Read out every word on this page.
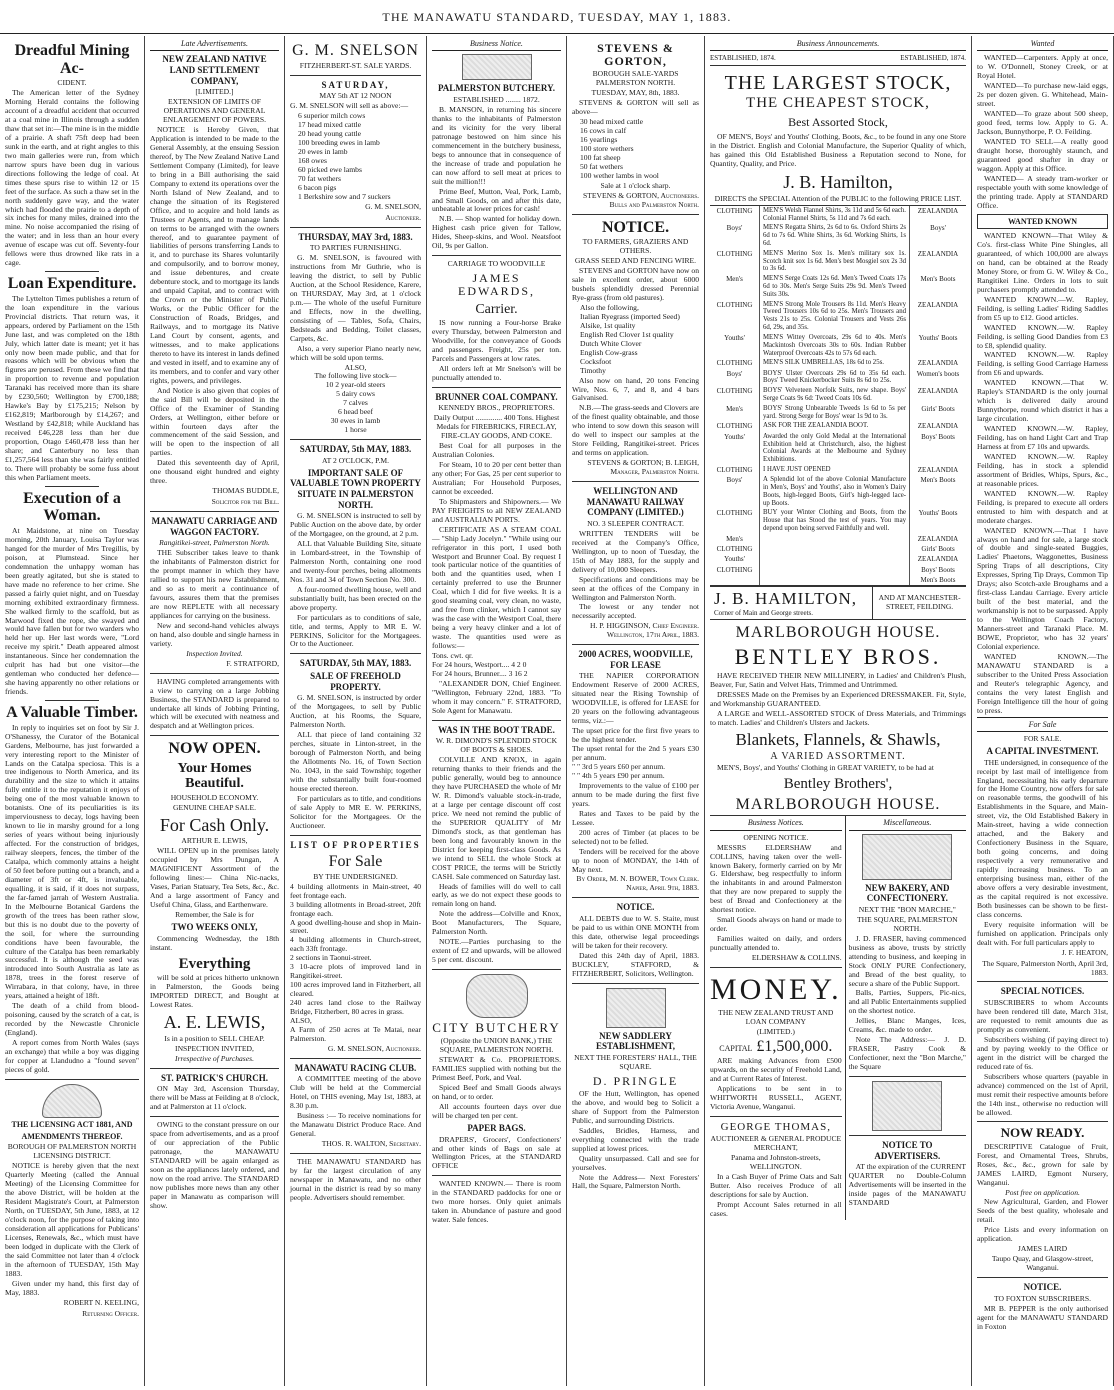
THE MANAWATU STANDARD, TUESDAY, MAY 1, 1883.
Dreadful Mining Ac-
CIDENT.

The American letter of the Sydney Morning Herald contains the following account of a dreadful accident that occurred at a coal mine in Illinois through a sudden thaw that set in:—The mine is in the middle of a prairie. A shaft 75ft deep had been sunk in the earth, and at right angles to this two main galleries were run, from which narrow spurs have been dug in various directions following the ledge of coal. At times these spurs rise to within 12 or 15 feet of the surface. As such a thaw set in the north suddenly gave way, and the water which had flooded the prairie to a depth of six inches for many miles, drained into the mine. No noise accompanied the rising of the water; and in less than an hour every avenue of escape was cut off. Seventy-four fellows were thus drowned like rats in a cage.

Loan Expenditure.

The Lyttelton Times publishes a return of the loan expenditure in the various Provincial districts. That return was, it appears, ordered by Parliament on the 15th June last, and was completed on the 18th July, which latter date is meant; yet it has only now been made public, and that for reasons which will be obvious when the figures are perused. From these we find that in proportion to revenue and population Taranaki has received more than its share by £230,560; Wellington by £700,188; Hawke's Bay by £175,215; Nelson by £162,819; Marlborough by £14,267; and Westland by £42,818; while Auckland has received £46,228 less than her due proportion, Otago £460,478 less than her share; and Canterbury no less than £1,257,564 less than she was fairly entitled to. There will probably be some fuss about this when Parliament meets.

Execution of a Woman.

At Maidstone, at nine on Tuesday morning, 20th January, Louisa Taylor was hanged for the murder of Mrs Tregillis, by poison, at Plumstead. Since her condemnation the unhappy woman has been greatly agitated, but she is stated to have made no reference to her crime. She passed a fairly quiet night, and on Tuesday morning exhibited extraordinary firmness. She walked firmly to the scaffold, but as Marwood fixed the rope, she swayed and would have fallen but for two warders who held her up. Her last words were, "Lord receive my spirit." Death appeared almost instantaneous. Since her condemnation the culprit has had but one visitor—the gentleman who conducted her defence—she having apparently no other relations or friends.

A Valuable Timber.

In reply to inquiries set on foot by Sir J. O'Shanessy, the Curator of the Botanical Gardens, Melbourne, has just forwarded a very interesting report to the Minister of Lands on the Catalpa speciosa. This is a tree indigenous to North America, and its durability and the size to which it attains fully entitle it to the reputation it enjoys of being one of the most valuable known to botanists. One of its peculiarities is its imperviousness to decay, logs having been known to lie in marshy ground for a long series of years without being injuriously affected. For the construction of bridges, railway sleepers, fences, the timber of the Catalpa, which commonly attains a height of 50 feet before putting out a branch, and a diameter of 3ft or 4ft, is invaluable, equalling, it is said, if it does not surpass, the far-famed jarrah of Western Australia. In the Melbourne Botanical Gardens the growth of the trees has been rather slow, but this is no doubt due to the poverty of the soil, for where the surrounding conditions have been favourable, the culture of the Catalpa has been remarkably successful. It is although the seed was introduced into South Australia as late as 1878, trees in the forest reserve of Wirrabara, in that colony, have, in three years, attained a height of 18ft.

The death of a child from blood-poisoning, caused by the scratch of a cat, is recorded by the Newcastle Chronicle (England).

A report comes from North Wales (says an exchange) that while a boy was digging for copper at Llandudno a "found seven" pieces of gold.

THE LICENSING ACT 1881, AND
AMENDMENTS THEREOF.
BOROUGH OF PALMERSTON NORTH LICENSING DISTRICT.

NOTICE is hereby given that the next Quarterly Meeting (called the Annual Meeting) of the Licensing Committee for the above District, will be holden at the Resident Magistrate's Court, at Palmerston North, on TUESDAY, 5th June, 1883, at 12 o'clock noon, for the purpose of taking into consideration all applications for Publicans' Licenses, Renewals, &c., which must have been lodged in duplicate with the Clerk of the said Committee not later than 4 o'clock in the afternoon of TUESDAY, 15th May 1883.

Given under my hand, this first day of May, 1883.

ROBERT N. KEELING,
Returning Officer.
Late Advertisements.
NEW ZEALAND NATIVE LAND SETTLEMENT COMPANY,
[LIMITED.]
EXTENSION OF LIMITS OF OPERATIONS AND GENERAL ENLARGEMENT OF POWERS.

NOTICE is Hereby Given, that Application is intended to be made to the General Assembly, at the ensuing Session thereof, by The New Zealand Native Land Settlement Company (Limited), for leave to bring in a Bill authorising the said Company to extend its operations over the North Island of New Zealand, and to change the situation of its Registered Office, and to acquire and hold lands as Trustees or Agents, and to manage lands on terms to be arranged with the owners thereof, and to guarantee payment of liabilities of persons transferring Lands to it, and to purchase its Shares voluntarily and compulsorily, and to borrow money, and issue debentures, and create debenture stock, and to mortgage its lands and unpaid Capital, and to contract with the Crown or the Minister of Public Works, or the Public Officer for the Construction of Roads, Bridges, and Railways, and to mortgage its Native Land Court by consent, agents, and witnesses, and to make applications thereto to have its interest in lands defined and vested in itself, and to examine any of its members, and to confer and vary other rights, powers, and privileges.

And Notice is also given that copies of the said Bill will be deposited in the Office of the Examiner of Standing Orders, at Wellington, either before or within fourteen days after the commencement of the said Session, and will be open to the inspection of all parties.

Dated this seventeenth day of April, one thousand eight hundred and eighty three.

THOMAS BUDDLE,
Solicitor for the Bill.
MANAWATU CARRIAGE AND WAGGON FACTORY.
Rangitikei-street, Palmerston North.

THE Subscriber takes leave to thank the inhabitants of Palmerston district for the prompt manner in which they have rallied to support his new Establishment, and so as to merit a continuance of favours, assures them that the premises are now REPLETE with all necessary appliances for carrying on the business.

New and second-hand vehicles always on hand, also double and single harness in variety.

Inspection Invited.
F. STRATFORD,

HAVING completed arrangements with a view to carrying on a large Jobbing Business, the STANDARD is prepared to undertake all kinds of Jobbing Printing, which will be executed with neatness and despatch and at Wellington prices.

NOW OPEN.
Your Homes Beautiful.
HOUSEHOLD ECONOMY.
GENUINE CHEAP SALE.
For Cash Only.
ARTHUR E. LEWIS,

WILL OPEN up in the premises lately occupied by Mrs Dungan, A MAGNIFICENT Assortment of the following lines:— China Nic-nacks, Vases, Parian Statuary, Tea Sets, &c., &c. And a large assortment of Fancy and Useful China, Glass, and Earthenware.

Remember, the Sale is for
TWO WEEKS ONLY,

Commencing Wednesday, the 18th instant.

Everything

will be sold at prices hitherto unknown in Palmerston, the Goods being IMPORTED DIRECT, and Bought at Lowest Rates.

A. E. LEWIS,
Is in a position to SELL CHEAP.
INSPECTION INVITED,
Irrespective of Purchases.
ST. PATRICK'S CHURCH.

ON May 3rd, Ascension Thursday, there will be Mass at Feilding at 8 o'clock, and at Palmerston at 11 o'clock.

OWING to the constant pressure on our space from advertisements, and as a proof of our appreciation of the Public patronage, the MANAWATU STANDARD will be again enlarged as soon as the appliances lately ordered, and now on the road arrive. The STANDARD now publishes more news than any other paper in Manawatu as comparison will show.

G. M. SNELSON
FITZHERBERT-ST. SALE YARDS.
SATURDAY,
MAY 5th AT 12 NOON

G. M. SNELSON will sell as above:—

6 superior milch cows
17 head mixed cattle
20 head young cattle
100 breeding ewes in lamb
20 ewes in lamb
168 owes
60 picked ewe lambs
70 fat wethers
6 bacon pigs
1 Berkshire sow and 7 suckers

G. M. SNELSON,
Auctioneer.
THURSDAY, MAY 3rd, 1883.
TO PARTIES FURNISHING.

G. M. SNELSON, is favoured with instructions from Mr Guthrie, who is leaving the district, to sell by Public Auction, at the School Residence, Karere, on THURSDAY, May 3rd, at 1 o'clock p.m.— The whole of the useful Furniture and Effects, now in the dwelling, consisting of — Tables, Sofa, Chairs, Bedsteads and Bedding, Toilet classes, Carpets, &c.

Also, a very superior Piano nearly new, which will be sold upon terms.

ALSO,
The following live stock—
10 2 year-old steers
5 dairy cows
7 calves
6 head beef
30 ewes in lamb
1 horse

SATURDAY, 5th MAY, 1883.
AT 2 O'CLOCK, P.M.
IMPORTANT SALE OF VALUABLE TOWN PROPERTY SITUATE IN PALMERSTON NORTH.

G. M. SNELSON is instructed to sell by Public Auction on the above date, by order of the Mortgagee, on the ground, at 2 p.m.

ALL that Valuable Building Site, situate in Lombard-street, in the Township of Palmerston North, containing one rood and twenty-four perches, being allotments Nos. 31 and 34 of Town Section No. 300.

A four-roomed dwelling house, well and substantially built, has been erected on the above property.

For particulars as to conditions of sale, title, and terms, Apply to MR E. W. PERKINS, Solicitor for the Mortgagees. Or to the Auctioneer.

SATURDAY, 5th MAY, 1883.
SALE OF FREEHOLD PROPERTY.

G. M. SNELSON, is instructed by order of the Mortgagees, to sell by Public Auction, at his Rooms, the Square, Palmerston North.

ALL that piece of land containing 32 perches, situate in Linton-street, in the borough of Palmerston North, and being the Allotments No. 16, of Town Section No. 1043, in the said Township; together with the substantially built four-roomed house erected thereon.

For particulars as to title, and conditions of sale Apply to MR E. W. PERKINS, Solicitor for the Mortgagees. Or the Auctioneer.

LIST OF PROPERTIES
For Sale
BY THE UNDERSIGNED.

4 building allotments in Main-street, 40 feet frontage each.
3 building allotments in Broad-street, 20ft frontage each.
A good dwelling-house and shop in Main-street.
4 building allotments in Church-street, each 33ft frontage.
2 sections in Taonui-street.
3 10-acre plots of improved land in Rangitikei-street.
100 acres improved land in Fitzherbert, all cleared.
240 acres land close to the Railway Bridge, Fitzherbert, 80 acres in grass.
ALSO,
A Farm of 250 acres at Te Matai, near Palmerston.

G. M. SNELSON, Auctioneer.
MANAWATU RACING CLUB.

A COMMITTEE meeting of the above Club will be held at the Commercial Hotel, on THIS evening, May 1st, 1883, at 8.30 p.m.

Business :— To receive nominations for the Manawatu District Produce Race. And General.

THOS. R. WALTON, Secretary.

THE MANAWATU STANDARD has by far the largest circulation of any newspaper in Manawatu, and no other journal in the district is read by so many people. Advertisers should remember.

Business Notice.
PALMERSTON BUTCHERY.
ESTABLISHED ........ 1872.

B. MANSON, in returning his sincere thanks to the inhabitants of Palmerston and its vicinity for the very liberal patronage bestowed on him since his commencement in the butchery business, begs to announce that in consequence of the increase of trade and population he can now afford to sell meat at prices to suit the million!!!

Prime Beef, Mutton, Veal, Pork, Lamb, and Small Goods, on and after this date, unbeatable at lower prices for cash!

N.B. — Shop wanted for holiday down. Highest cash price given for Tallow, Hides, Sheep-skins, and Wool. Neatsfoot Oil, 9s per Gallon.

CARRIAGE TO WOODVILLE
JAMES EDWARDS,
Carrier.

IS now running a Four-horse Brake every Thursday, between Palmerston and Woodville, for the conveyance of Goods and passengers. Freight, 25s per ton. Parcels and Passengers at low rates.

All orders left at Mr Snelson's will be punctually attended to.

BRUNNER COAL COMPANY.
KENNEDY BROS., PROPRIETORS.

Daily Output .............. 400 Tons. Highest Medals for FIREBRICKS, FIRECLAY, FIRE-CLAY GOODS, AND COKE.

Best Coal for all purposes in the Australian Colonies.

For Steam, 10 to 20 per cent better than any other; For Gas, 25 per cent superior to Australian; For Household Purposes, cannot be exceeded.

To Shipmasters and Shipowners.— We PAY FREIGHTS to all NEW ZEALAND and AUSTRALIAN PORTS.

CERTIFICATE AS A STEAM COAL— "Ship Lady Jocelyn." "While using our refrigerator in this port, I used both Westport and Brunner Coal. By request I took particular notice of the quantities of both and the quantities used, when I certainly preferred to use the Brunner Coal, which I did for five weeks. It is a good steaming coal, very clean, no waste, and free from clinker, which I cannot say was the case with the Westport Coal, there being a very heavy clinker and a lot of waste. The quantities used were as follows:—

Tons. cwt. qr.
For 24 hours, Westport.... 4 2 0
For 24 hours, Brunner.... 3 16 2

"ALEXANDER DON, Chief Engineer. "Wellington, February 22nd, 1883. "To whom it may concern." F. STRATFORD, Sole Agent for Manawatu.

WAS IN THE BOOT TRADE.
W. R. DIMOND'S SPLENDID STOCK OF BOOTS & SHOES.

COLVILLE AND KNOX, in again returning thanks to their friends and the public generally, would beg to announce they have PURCHASED the whole of Mr W. R. Dimond's valuable stock-in-trade, at a large per centage discount off cost price. We need not remind the public of the SUPERIOR QUALITY of Mr Dimond's stock, as that gentleman has been long and favourably known in the District for keeping first-class Goods. As we intend to SELL the whole Stock at COST PRICE, the terms will be Strictly CASH. Sale commenced on Saturday last.

Heads of families will do well to call early, as we do not expect these goods to remain long on hand.

Note the address—Colville and Knox, Boot Manufacturers, The Square, Palmerston North.

NOTE.—Parties purchasing to the extent of £2 and upwards, will be allowed 5 per cent. discount.

CITY BUTCHERY
(Opposite the UNION BANK,) THE SQUARE, PALMERSTON NORTH.

STEWART & Co. PROPRIETORS. FAMILIES supplied with nothing but the Primest Beef, Pork, and Veal.

Spiced Beef and Small Goods always on hand, or to order.

All accounts fourteen days over due will be charged ten per cent.

PAPER BAGS.

DRAPERS', Grocers', Confectioners' and other kinds of Bags on sale at Wellington Prices, at the STANDARD OFFICE

WANTED KNOWN.— There is room in the STANDARD paddocks for one or two more horses. Only quiet animals taken in. Abundance of pasture and good water. Sale fences.

STEVENS & GORTON,
BOROUGH SALE-YARDS PALMERSTON NORTH.
TUESDAY, MAY, 8th, 1883.

STEVENS & GORTON will sell as above—

30 head mixed cattle
16 cows in calf
16 yearlings
100 store wethers
100 fat sheep
50 fat wethers
100 wether lambs in wool

Sale at 1 o'clock sharp.
STEVENS & GORTON, Auctioneers. Bulls and Palmerston North.
NOTICE.
TO FARMERS, GRAZIERS AND OTHERS.
GRASS SEED AND FENCING WIRE.

STEVENS and GORTON have now on sale in excellent order, about 6000 bushels splendidly dressed Perennial Rye-grass (from old pastures).

Also the following,
Italian Ryegrass (imported Seed)
Alsike, 1st quality
English Red Clover 1st quality
Dutch White Clover
English Cow-grass
Cocksfoot
Timothy

Also now on hand, 20 tons Fencing Wire, Nos. 6, 7, and 8, and 4 bars Galvanised.

N.B.—The grass-seeds and Clovers are of the finest quality obtainable, and those who intend to sow down this season will do well to inspect our samples at the Store Feilding, Rangitikei-street. Prices and terms on application.

STEVENS & GORTON; B. LEIGH, Manager, Palmerston North.
WELLINGTON AND MANAWATU RAILWAY COMPANY (LIMITED.)
NO. 3 SLEEPER CONTRACT.

WRITTEN TENDERS will be received at the Company's Office, Wellington, up to noon of Tuesday, the 15th of May 1883, for the supply and delivery of 10,000 Sleepers.

Specifications and conditions may be seen at the offices of the Company in Wellington and Palmerston North.

The lowest or any tender not necessarily accepted.

H. P. HIGGINSON, Chief Engineer. Wellington, 17th April, 1883.
2000 ACRES, WOODVILLE, FOR LEASE

THE NAPIER CORPORATION Endowment Reserve of 2000 ACRES, situated near the Rising Township of WOODVILLE, is offered for LEASE for 20 years on the following advantageous terms, viz.:—

The upset price for the first five years to be the highest tender.
The upset rental for the 2nd 5 years £30 per annum.
" " 3rd 5 years £60 per annum.
" " 4th 5 years £90 per annum.

Improvements to the value of £100 per annum to be made during the first five years.

Rates and Taxes to be paid by the Lessee.

200 acres of Timber (at places to be selected) not to be felled.

Tenders will be received for the above up to noon of MONDAY, the 14th of May next.

By Order, M. N. BOWER, Town Clerk. Napier, April 9th, 1883.
NOTICE.

ALL DEBTS due to W. S. Staite, must be paid to us within ONE MONTH from this date, otherwise legal proceedings will be taken for their recovery.

Dated this 24th day of April, 1883. BUCKLEY, STAFFORD, & FITZHERBERT, Solicitors, Wellington.

NEW SADDLERY ESTABLISHMENT,
NEXT THE FORESTERS' HALL, THE SQUARE.
D. PRINGLE

OF the Hutt, Wellington, has opened the above, and would beg to Solicit a share of Support from the Palmerston Public, and surrounding Districts.

Saddles, Bridles, Harness, and everything connected with the trade supplied at lowest prices.

Quality unsurpassed. Call and see for yourselves.

Note the Address— Next Foresters' Hall, the Square, Palmerston North.

Business Announcements.
ESTABLISHED, 1874.	ESTABLISHED, 1874.
THE LARGEST STOCK,
THE CHEAPEST STOCK,
Best Assorted Stock,

OF MEN'S, Boys' and Youths' Clothing, Boots, &c., to be found in any one Store in the District. English and Colonial Manufacture, the Superior Quality of which, has gained this Old Established Business a Reputation second to None, for Quantity, Quality, and Price.

J. B. Hamilton,

DIRECTS the SPECIAL Attention of the PUBLIC to the following PRICE LIST.

CLOTHING	MEN'S Welsh Flannel Shirts, 3s 11d and 5s 6d each. Colonial Flannel Shirts, 5s 11d and 7s 6d each.
ZEALANDIA
Boys'	MEN'S Regatta Shirts, 2s 6d to 6s. Oxford Shirts 2s 6d to 7s 6d. White Shirts, 3s 6d. Working Shirts, 1s 6d.
Boys'
CLOTHING	MEN'S Merino Sox 1s. Men's military sox 1s. Scotch knit sox 1s 6d. Men's best Mosgiel sox 2s 3d to 3s 6d.
ZEALANDIA
Men's	MEN'S Serge Coats 12s 6d. Men's Tweed Coats 17s 6d to 30s. Men's Serge Suits 29s 9d. Men's Tweed Suits 30s.
Men's Boots
CLOTHING	MEN'S Strong Mole Trousers 8s 11d. Men's Heavy Tweed Trousers 10s 6d to 25s. Men's Trousers and Vests 21s to 25s. Colonial Trousers and Vests 26s 6d, 29s, and 35s.
ZEALANDIA
Youths'	MEN'S Wittey Overcoats, 29s 6d to 40s. Men's Mackintosh Overcoats 30s to 60s. Indian Rubber Waterproof Overcoats 42s to 57s 6d each.
Youths' Boots
CLOTHING	MEN'S SILK UMBRELLAS, 18s 6d to 25s.	ZEALANDIA
Boys'	BOYS' Ulster Overcoats 29s 6d to 35s 6d each. Boys' Tweed Knickerbocker Suits 8s 6d to 25s.
Women's boots
CLOTHING	BOYS' Velveteen Norfolk Suits, new shape. Boys' Serge Coats 9s 6d: Tweed Coats 10s 6d.
ZEALANDIA
Men's	BOYS' Strong Unbearable Tweeds 1s 6d to 5s per yard. Strong Serge for Boys' wear 1s 9d to 3s.
Girls' Boots
CLOTHING	ASK FOR THE ZEALANDIA BOOT.	ZEALANDIA
Youths'	Awarded the only Gold Medal at the International Exhibition held at Christchurch, also, the highest Colonial Awards at the Melbourne and Sydney Exhibitions.
Boys' Boots
CLOTHING	I HAVE JUST OPENED	ZEALANDIA
Boys'	A Splendid lot of the above Colonial Manufacture in Men's, Boys' and Youths', also in Women's Dairy Boots, high-legged Boots, Girl's high-legged lace-up Boots.
Men's Boots
CLOTHING	BUY your Winter Clothing and Boots, from the House that has Stood the test of years. You may depend upon being served Faithfully and well.
Youths' Boots
Men's	ZEALANDIA
CLOTHING	Girls' Boots
Youths'	ZEALANDIA
CLOTHING	Boys' Boots
Men's Boots
J. B. HAMILTON,
Corner of Main and George streets.
AND AT MANCHESTER-STREET, FEILDING.
MARLBOROUGH HOUSE.
BENTLEY BROS.

HAVE RECEIVED THEIR NEW MILLINERY, in Ladies' and Children's Plush, Beaver, Fur, Satin and Velvet Hats, Trimmed and Untrimmed.

DRESSES Made on the Premises by an Experienced DRESSMAKER. Fit, Style, and Workmanship GUARANTEED.

A LARGE and WELL-ASSORTED STOCK of Dress Materials, and Trimmings to match. Ladies' and Children's Ulsters and Jackets.

Blankets, Flannels, & Shawls,
A VARIED ASSORTMENT.

MEN'S, Boys', and Youths' Clothing in GREAT VARIETY, to be had at

Bentley Brothers',
MARLBOROUGH HOUSE.
Business Notices.
OPENING NOTICE.

MESSRS ELDERSHAW and COLLINS, having taken over the well-known Bakery, formerly carried on by Mr G. Eldershaw, beg respectfully to inform the inhabitants in and around Palmerston that they are now prepared to supply the best of Bread and Confectionery at the shortest notice.

Small Goods always on hand or made to order.

Families waited on daily, and orders punctually attended to.

ELDERSHAW & COLLINS.
MONEY.
THE NEW ZEALAND TRUST AND LOAN COMPANY
(LIMITED.)
CAPITAL £1,500,000.

ARE making Advances from £500 upwards, on the security of Freehold Land, and at Current Rates of Interest.

Applications to be sent in to WHITWORTH RUSSELL, AGENT, Victoria Avenue, Wanganui.

GEORGE THOMAS,
AUCTIONEER & GENERAL PRODUCE MERCHANT,

Panama and Johnston-streets, WELLINGTON.

In a Cash Buyer of Prime Oats and Salt Butter. Also receives Produce of all descriptions for sale by Auction.

Prompt Account Sales returned in all cases.

Miscellaneous.
NEW BAKERY, AND CONFECTIONERY.
NEXT THE "BON MARCHE,"
THE SQUARE, PALMERSTON NORTH.

J. D. FRASER, having commenced business as above, trusts by strictly attending to business, and keeping in Stock ONLY PURE Confectionery, and Bread of the best quality, to secure a share of the Public Support.

Balls, Parties, Suppers, Pic-nics, and all Public Entertainments supplied on the shortest notice.

Jellies, Blanc Manges, Ices, Creams, &c. made to order.

Note The Address:— J. D. FRASER, Pastry Cook & Confectioner, next the "Bon Marche," the Square

NOTICE TO ADVERTISERS.

AT the expiration of the CURRENT QUARTER no Double-Column Advertisements will be inserted in the inside pages of the MANAWATU STANDARD

Wanted

WANTED—Carpenters. Apply at once, to W. O'Donnell, Stoney Creek, or at Royal Hotel.

WANTED—To purchase new-laid eggs, 2s per dozen given. G. Whitehead, Main-street.

WANTED—To graze about 500 sheep, good feed, terms low. Apply to G. A. Jackson, Bunnythorpe, P. O. Feilding.

WANTED TO SELL—A really good draught horse, thoroughly staunch, and guaranteed good shafter in dray or waggon. Apply at this Office.

WANTED— A steady tram-worker or respectable youth with some knowledge of the printing trade. Apply at STANDARD Office.

WANTED KNOWN

WANTED KNOWN—That Wiley & Co's. first-class White Pine Shingles, all guaranteed, of which 100,000 are always on hand, can be obtained at the Ready Money Store, or from G. W. Wiley & Co., Rangitikei Line. Orders in lots to suit purchasers promptly attended to.

WANTED KNOWN.—W. Rapley, Feilding, is selling Ladies' Riding Saddles from £5 up to £12. Good articles.

WANTED KNOWN.—W. Rapley Feilding, is selling Good Dandies from £3 to £8, splendid quality.

WANTED KNOWN.—W. Rapley Feilding, is selling Good Carriage Harness from £6 and upwards.

WANTED KNOWN.—That W. Rapley's STANDARD is the only journal which is delivered daily around Bunnythorpe, round which district it has a large circulation.

WANTED KNOWN.—W. Rapley, Feilding, has on hand Light Cart and Trap Harness at from £7 10s and upwards.

WANTED KNOWN.—W. Rapley Feilding, has in stock a splendid assortment of Bridles, Whips, Spurs, &c., at reasonable prices.

WANTED KNOWN.—W. Rapley Feilding, is prepared to execute all orders entrusted to him with despatch and at moderate charges.

WANTED KNOWN.—That I have always on hand and for sale, a large stock of double and single-seated Buggies, Ladies' Phaetons, Waggonettes, Business Spring Traps of all descriptions, City Expresses, Spring Tip Drays, Common Tip Drays; also Scotch-axle Broughams and a first-class Landau Carriage. Every article built of the best material, and the workmanship is not to be surpassed. Apply to the Wellington Coach Factory, Manners-street and Taranaki Place. M. BOWE, Proprietor, who has 32 years' Colonial experience.

WANTED KNOWN.—The MANAWATU STANDARD is a subscriber to the United Press Association and Reuter's telegraphic Agency, and contains the very latest English and Foreign Intelligence till the hour of going to press.

For Sale
FOR SALE.
A CAPITAL INVESTMENT.

THE undersigned, in consequence of the receipt by last mail of intelligence from England, necessitating his early departure for the Home Country, now offers for sale on reasonable terms, the goodwill of his Establishments in the Square, and Main-street, viz, the Old Established Bakery in Main-street, having a wide connection attached, and the Bakery and Confectionery Business in the Square, both going concerns, and doing respectively a very remunerative and rapidly increasing business. To an enterprising business man, either of the above offers a very desirable investment, as the capital required is not excessive. Both businesses can be shown to be first-class concerns.

Every requisite information will be furnished on application. Principals only dealt with. For full particulars apply to

J. F. HEATON,
The Square, Palmerston North, April 3rd, 1883.
SPECIAL NOTICES.

SUBSCRIBERS to whom Accounts have been rendered till date, March 31st, are requested to remit amounts due as promptly as convenient.

Subscribers wishing (if paying direct to) and by paying weekly to the Office or agent in the district will be charged the reduced rate of 6s.

Subscribers whose quarters (payable in advance) commenced on the 1st of April, must remit their respective amounts before the 14th inst., otherwise no reduction will be allowed.

NOW READY.

DESCRIPTIVE Catalogue of Fruit, Forest, and Ornamental Trees, Shrubs, Roses, &c., &c., grown for sale by JAMES LAIRD, Egmont Nursery, Wanganui.

Post free on application.

New Agricultural, Garden, and Flower Seeds of the best quality, wholesale and retail.

Price Lists and every information on application.

JAMES LAIRD
Taupo Quay, and Glasgow-street, Wanganui.
NOTICE.
TO FOXTON SUBSCRIBERS.

MR B. PEPPER is the only authorised agent for the MANAWATU STANDARD in Foxton
